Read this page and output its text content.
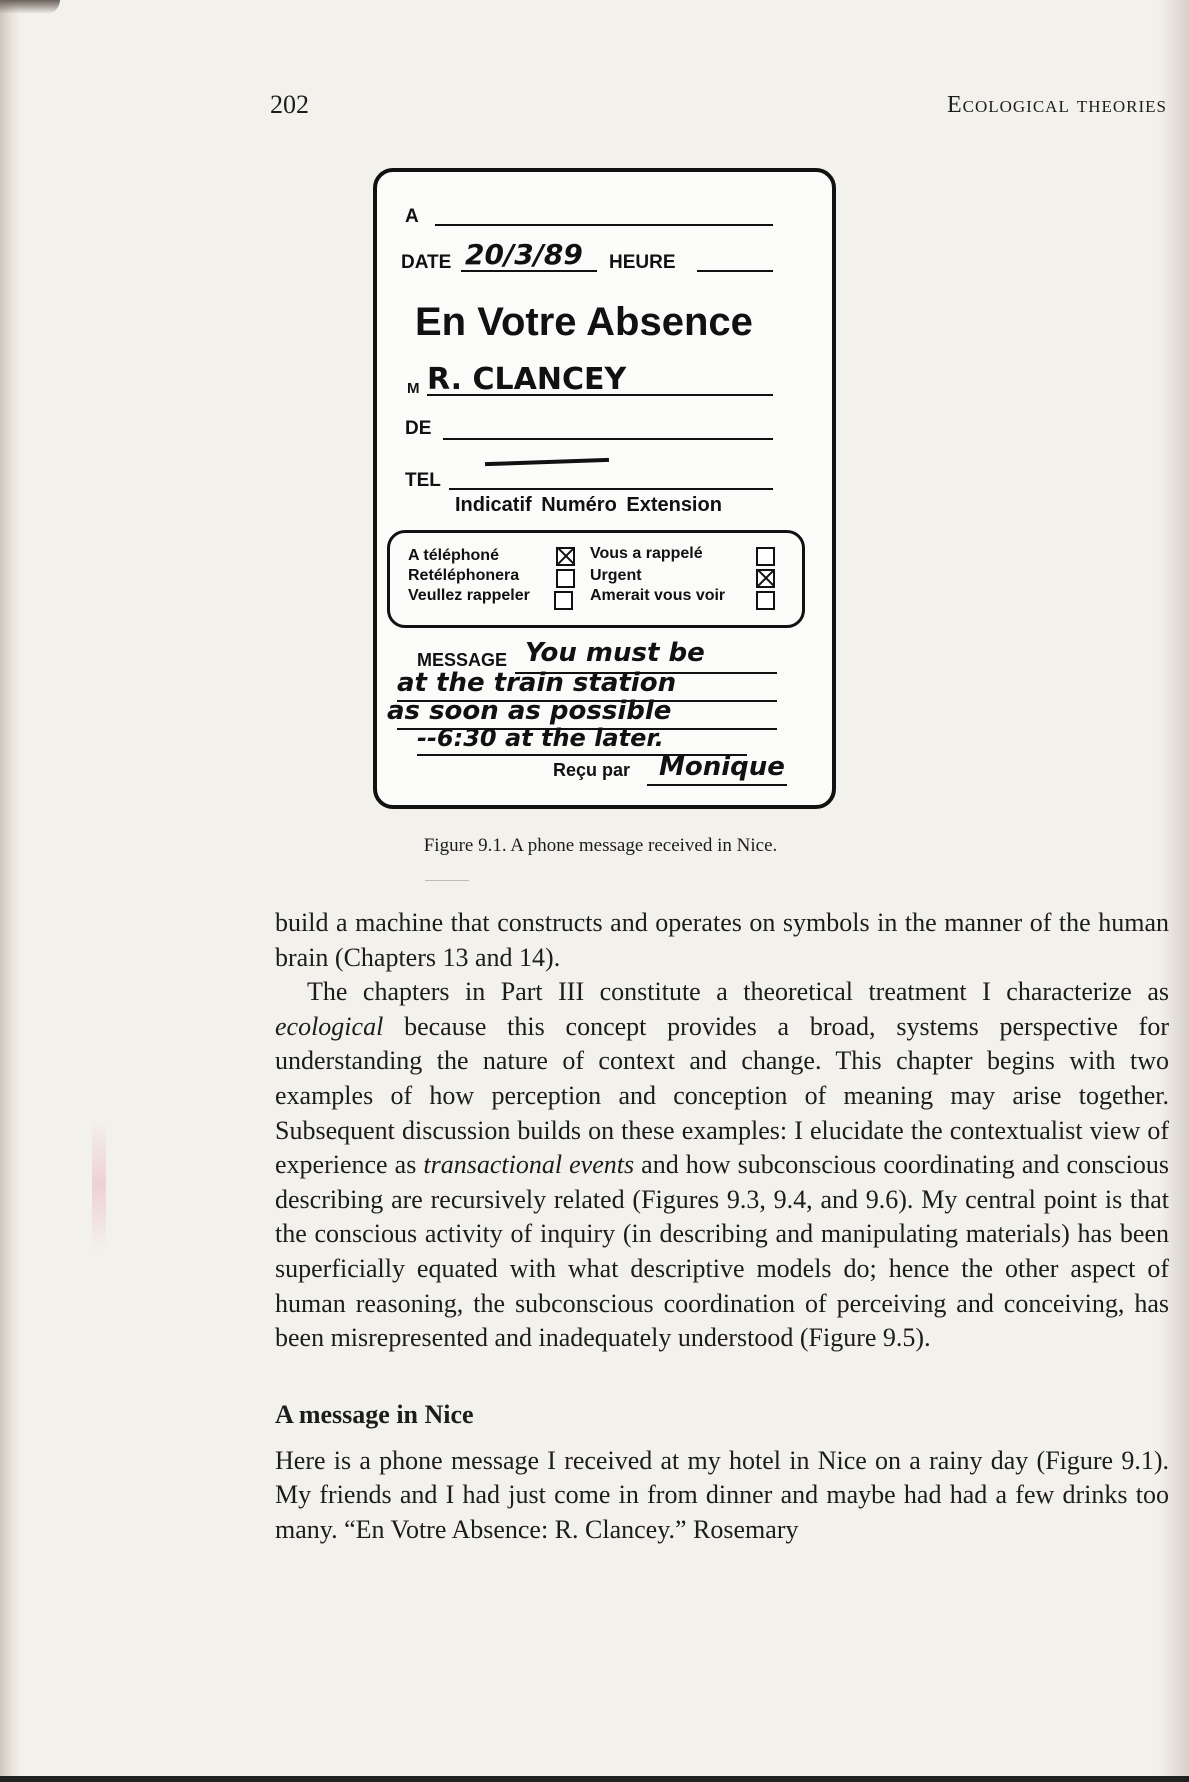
202	Ecological theories
A
DATE 20/3/89 HEURE
En Votre Absence
M R. CLANCEY
DE
TEL
Indicatif Numéro Extension
A téléphoné
Retéléphonera
Veullez rappeler
Vous a rappelé
Urgent
Amerait vous voir
MESSAGE You must be
at the train station
as soon as possible
--6:30 at the later.
Reçu par Monique
Figure 9.1. A phone message received in Nice.

build a machine that constructs and operates on symbols in the manner of the human brain (Chapters 13 and 14).

The chapters in Part III constitute a theoretical treatment I characterize as ecological because this concept provides a broad, systems perspective for understanding the nature of context and change. This chapter begins with two examples of how perception and conception of meaning may arise together. Subsequent discussion builds on these examples: I elucidate the contextualist view of experience as transactional events and how subconscious coordinating and conscious describing are recursively related (Figures 9.3, 9.4, and 9.6). My central point is that the conscious activity of inquiry (in describing and manipulating materials) has been superficially equated with what descriptive models do; hence the other aspect of human reasoning, the subconscious coordination of perceiving and conceiving, has been misrepresented and inadequately understood (Figure 9.5).

A message in Nice

Here is a phone message I received at my hotel in Nice on a rainy day (Figure 9.1). My friends and I had just come in from dinner and maybe had had a few drinks too many. “En Votre Absence: R. Clancey.” Rosemary
